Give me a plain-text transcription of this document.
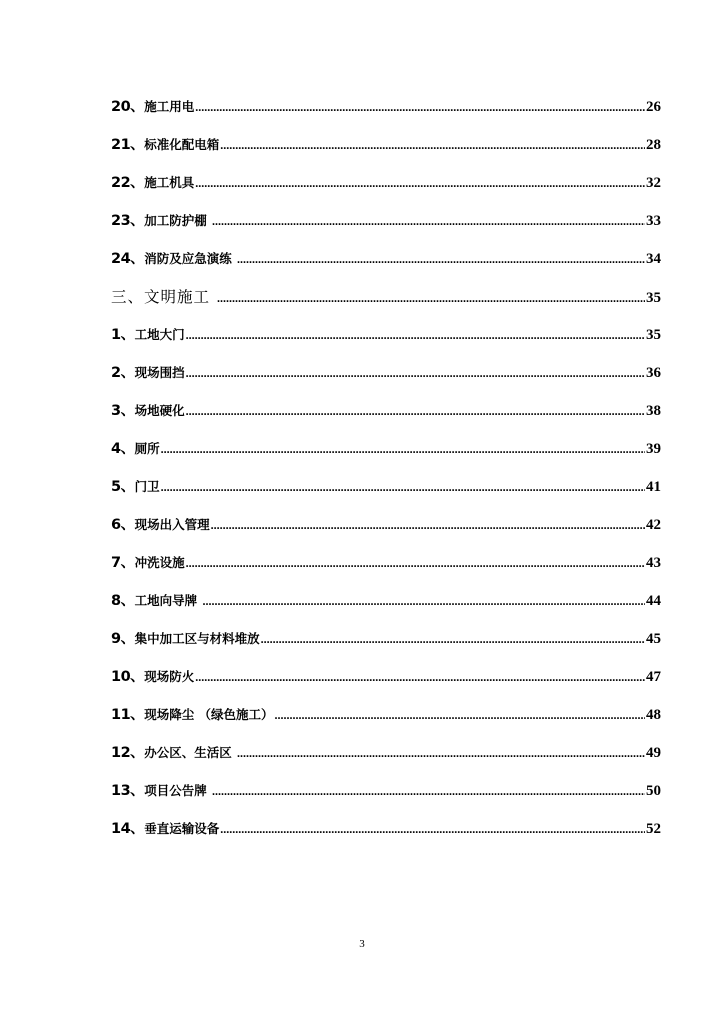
20、 施工用电 .....	26
21、 标准化配电箱 .....	28
22、 施工机具 .....	32
23、 加工防护棚 .....	33
24、 消防及应急演练 .....	34
三、 文明施工 .....	35
1、 工地大门 .....	35
2、 现场围挡 .....	36
3、 场地硬化 .....	38
4、 厕所 .....	39
5、 门卫 .....	41
6、 现场出入管理 .....	42
7、 冲洗设施 .....	43
8、 工地向导牌 .....	44
9、 集中加工区与材料堆放 .....	45
10、 现场防火 .....	47
11、 现场降尘 （绿色施工） .....	48
12、 办公区、生活区 .....	49
13、 项目公告牌 .....	50
14、 垂直运输设备 .....	52
3
